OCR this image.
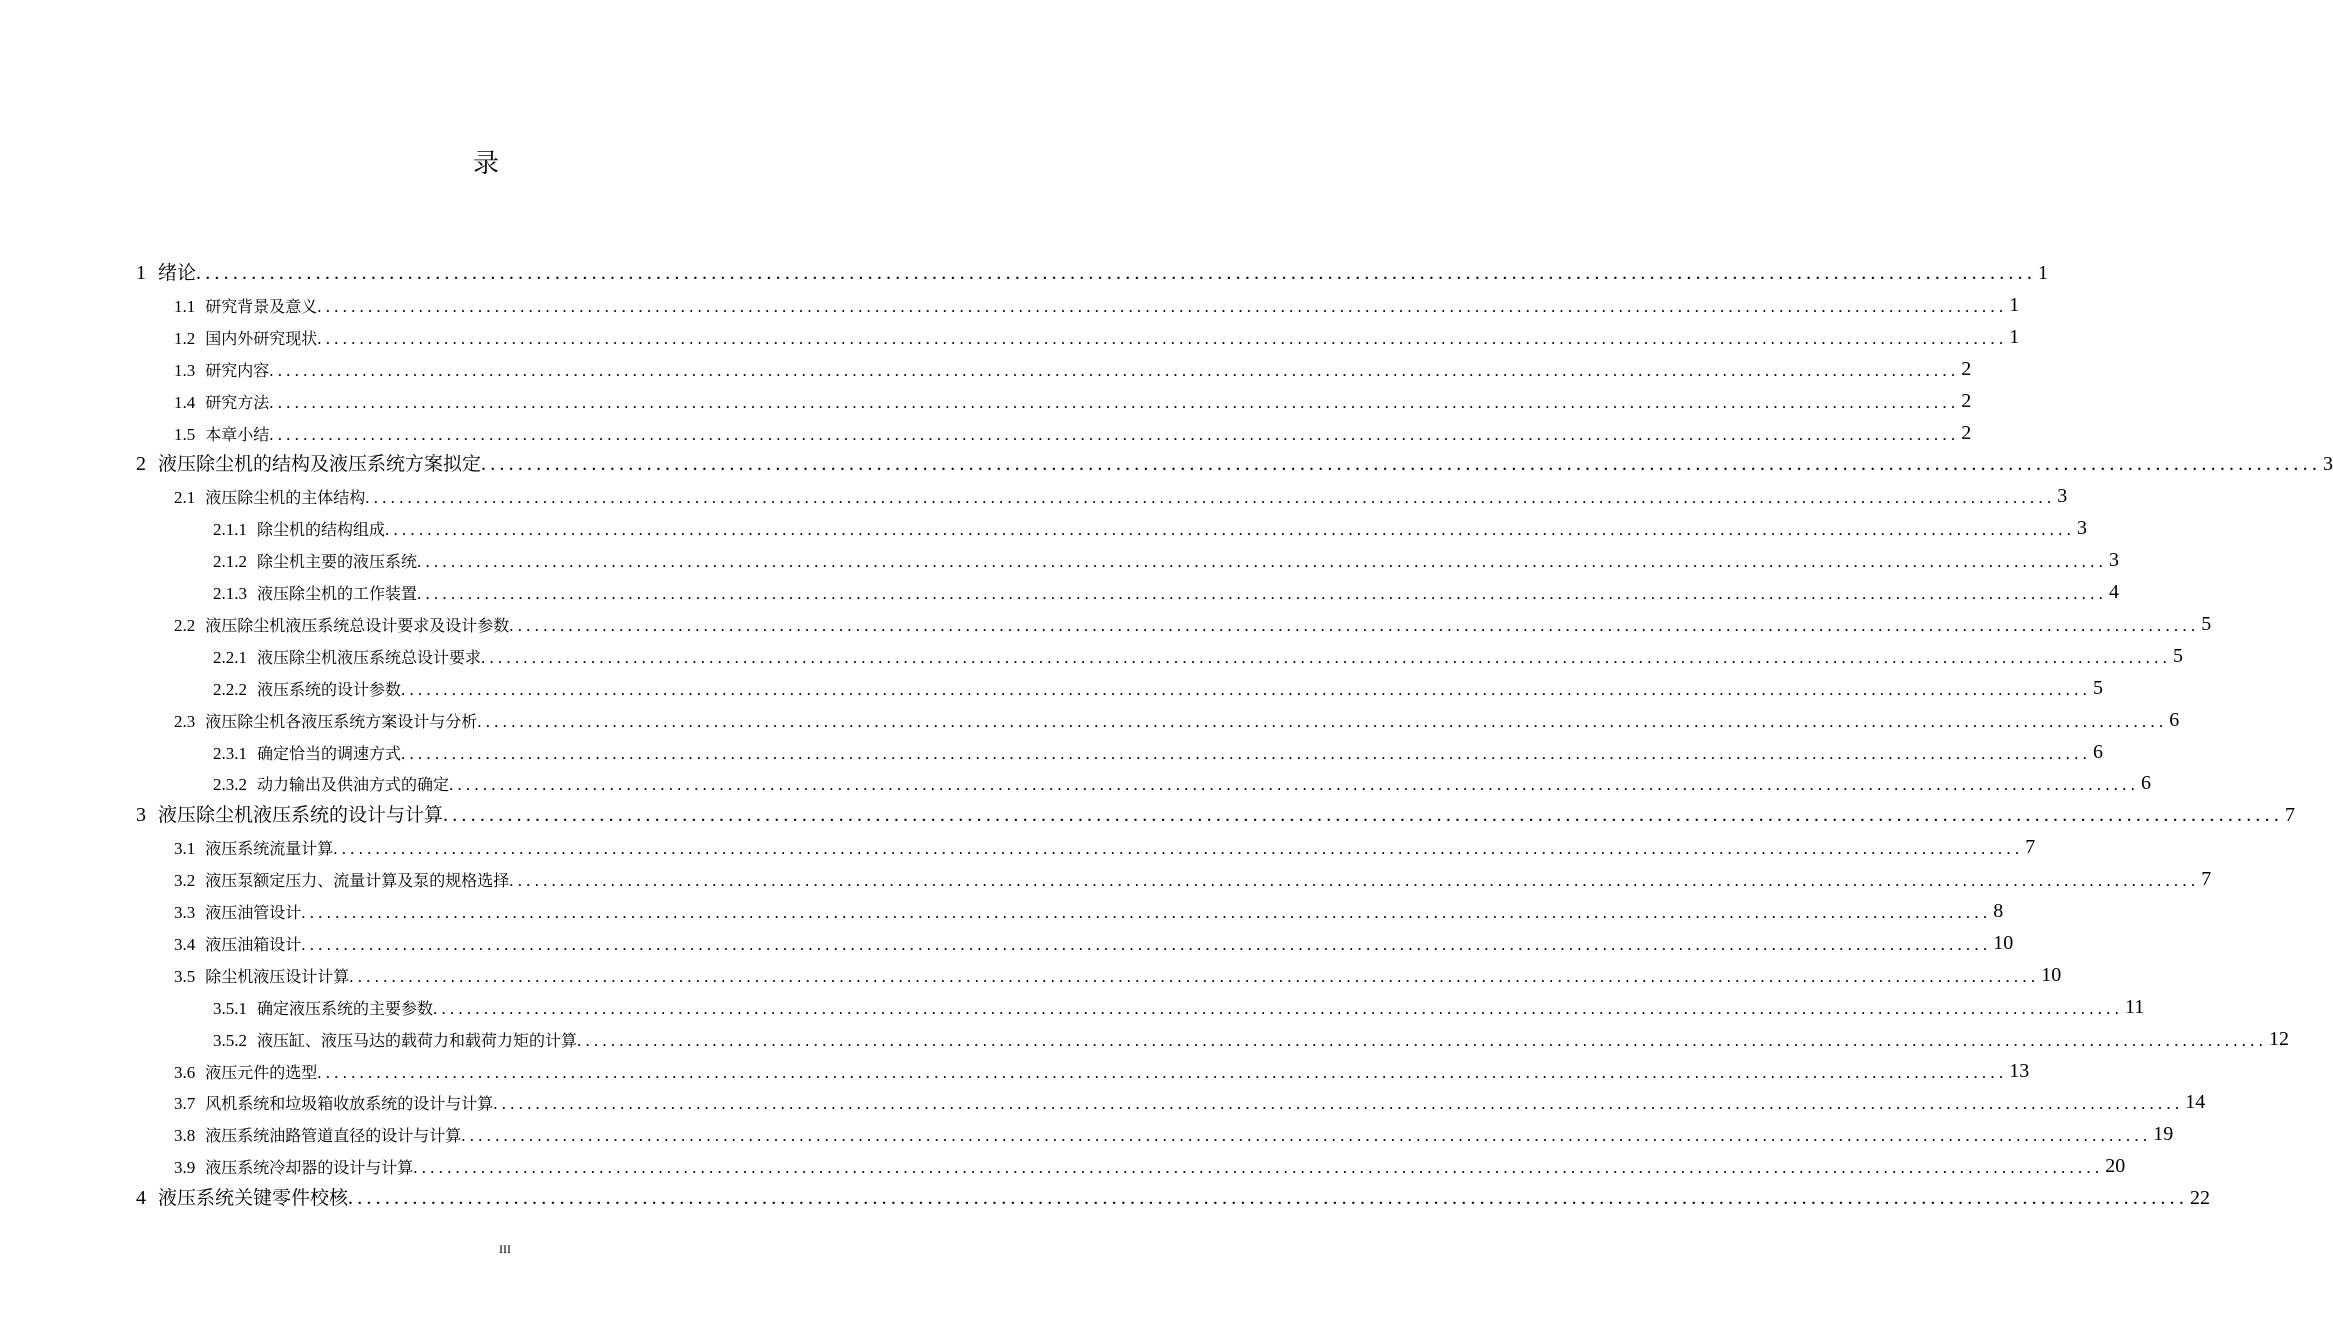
录
1 绪论 ........................................................................................................................................................................................................ 1
1.1 研究背景及意义 ........................................................................................................................................................................................................ 1
1.2 国内外研究现状 ........................................................................................................................................................................................................ 1
1.3 研究内容 ........................................................................................................................................................................................................ 2
1.4 研究方法 ........................................................................................................................................................................................................ 2
1.5 本章小结 ........................................................................................................................................................................................................ 2
2 液压除尘机的结构及液压系统方案拟定 ........................................................................................................................................................................................................ 3
2.1 液压除尘机的主体结构 ........................................................................................................................................................................................................ 3
2.1.1 除尘机的结构组成 ........................................................................................................................................................................................................ 3
2.1.2 除尘机主要的液压系统 ........................................................................................................................................................................................................ 3
2.1.3 液压除尘机的工作装置 ........................................................................................................................................................................................................ 4
2.2 液压除尘机液压系统总设计要求及设计参数 ........................................................................................................................................................................................................ 5
2.2.1 液压除尘机液压系统总设计要求 ........................................................................................................................................................................................................ 5
2.2.2 液压系统的设计参数 ........................................................................................................................................................................................................ 5
2.3 液压除尘机各液压系统方案设计与分析 ........................................................................................................................................................................................................ 6
2.3.1 确定恰当的调速方式 ........................................................................................................................................................................................................ 6
2.3.2 动力输出及供油方式的确定 ........................................................................................................................................................................................................ 6
3 液压除尘机液压系统的设计与计算 ........................................................................................................................................................................................................ 7
3.1 液压系统流量计算 ........................................................................................................................................................................................................ 7
3.2 液压泵额定压力、流量计算及泵的规格选择 ........................................................................................................................................................................................................ 7
3.3 液压油管设计 ........................................................................................................................................................................................................ 8
3.4 液压油箱设计 ........................................................................................................................................................................................................ 10
3.5 除尘机液压设计计算 ........................................................................................................................................................................................................ 10
3.5.1 确定液压系统的主要参数 ........................................................................................................................................................................................................ 11
3.5.2 液压缸、液压马达的载荷力和载荷力矩的计算 ........................................................................................................................................................................................................ 12
3.6 液压元件的选型 ........................................................................................................................................................................................................ 13
3.7 风机系统和垃圾箱收放系统的设计与计算 ........................................................................................................................................................................................................ 14
3.8 液压系统油路管道直径的设计与计算 ........................................................................................................................................................................................................ 19
3.9 液压系统冷却器的设计与计算 ........................................................................................................................................................................................................ 20
4 液压系统关键零件校核 ........................................................................................................................................................................................................ 22
III
